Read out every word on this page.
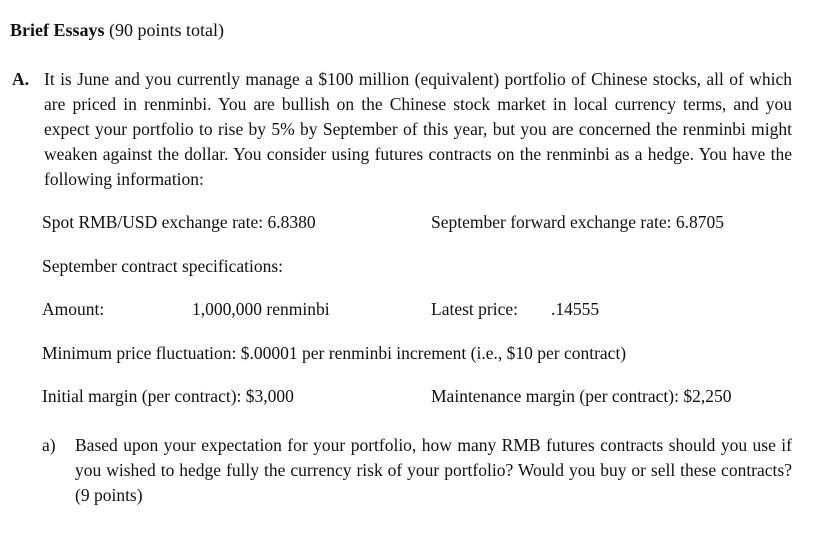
Brief Essays (90 points total)
A. It is June and you currently manage a $100 million (equivalent) portfolio of Chinese stocks, all of which are priced in renminbi. You are bullish on the Chinese stock market in local currency terms, and you expect your portfolio to rise by 5% by September of this year, but you are concerned the renminbi might weaken against the dollar. You consider using futures contracts on the renminbi as a hedge. You have the following information:
Spot RMB/USD exchange rate: 6.8380	September forward exchange rate: 6.8705
September contract specifications:
Amount:	1,000,000 renminbi	Latest price: .14555
Minimum price fluctuation: $.00001 per renminbi increment (i.e., $10 per contract)
Initial margin (per contract): $3,000	Maintenance margin (per contract): $2,250
a) Based upon your expectation for your portfolio, how many RMB futures contracts should you use if you wished to hedge fully the currency risk of your portfolio? Would you buy or sell these contracts? (9 points)
